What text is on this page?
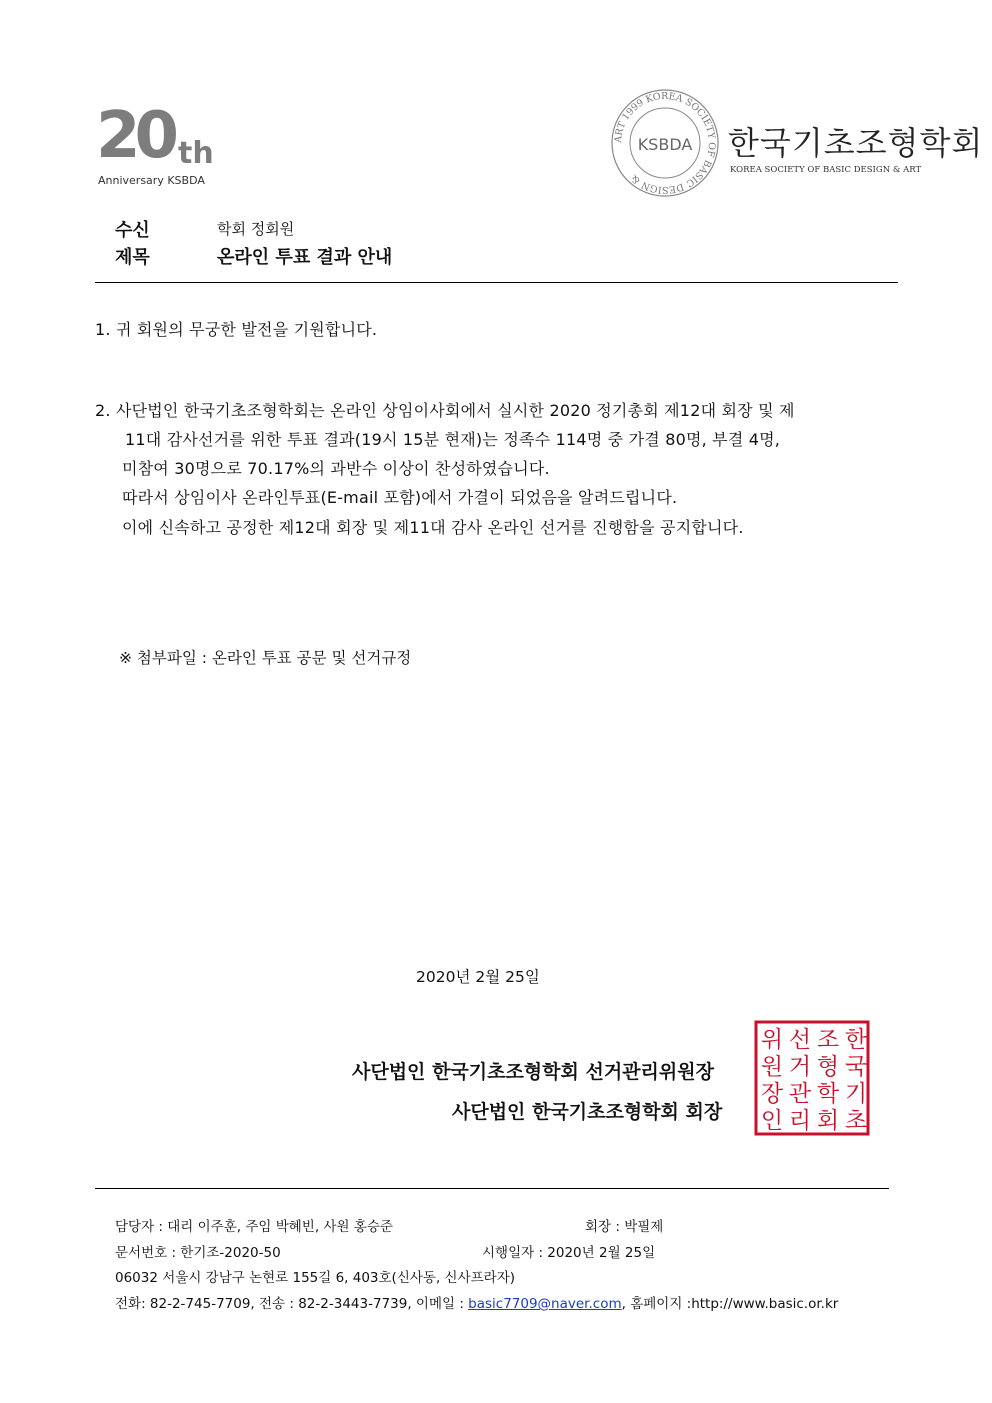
20 th
Anniversary KSBDA
ART 1999 KOREA SOCIETY OF BASIC DESIGN &
KSBDA 한국기초조형학회
KOREA SOCIETY OF BASIC DESIGN & ART
수신	학회 정회원
제목	온라인 투표 결과 안내
1. 귀 회원의 무궁한 발전을 기원합니다.
2. 사단법인 한국기초조형학회는 온라인 상임이사회에서 실시한 2020 정기총회 제12대 회장 및 제
11대 감사선거를 위한 투표 결과(19시 15분 현재)는 정족수 114명 중 가결 80명, 부결 4명,
미참여 30명으로 70.17%의 과반수 이상이 찬성하였습니다.
따라서 상임이사 온라인투표(E-mail 포함)에서 가결이 되었음을 알려드립니다.
이에 신속하고 공정한 제12대 회장 및 제11대 감사 온라인 선거를 진행함을 공지합니다.
※ 첨부파일 : 온라인 투표 공문 및 선거규정
2020년 2월 25일
사단법인 한국기초조형학회 선거관리위원장
사단법인 한국기초조형학회 회장
한
국
기
초
조
형
학
회
선
거
관
리
위
원
장
인
담당자 : 대리 이주훈, 주임 박혜빈, 사원 홍승준	회장 : 박필제
문서번호 : 한기조-2020-50	시행일자 : 2020년 2월 25일
06032 서울시 강남구 논현로 155길 6, 403호(신사동, 신사프라자)
전화: 82-2-745-7709, 전송 : 82-2-3443-7739, 이메일 : basic7709@naver.com, 홈페이지 :http://www.basic.or.kr
